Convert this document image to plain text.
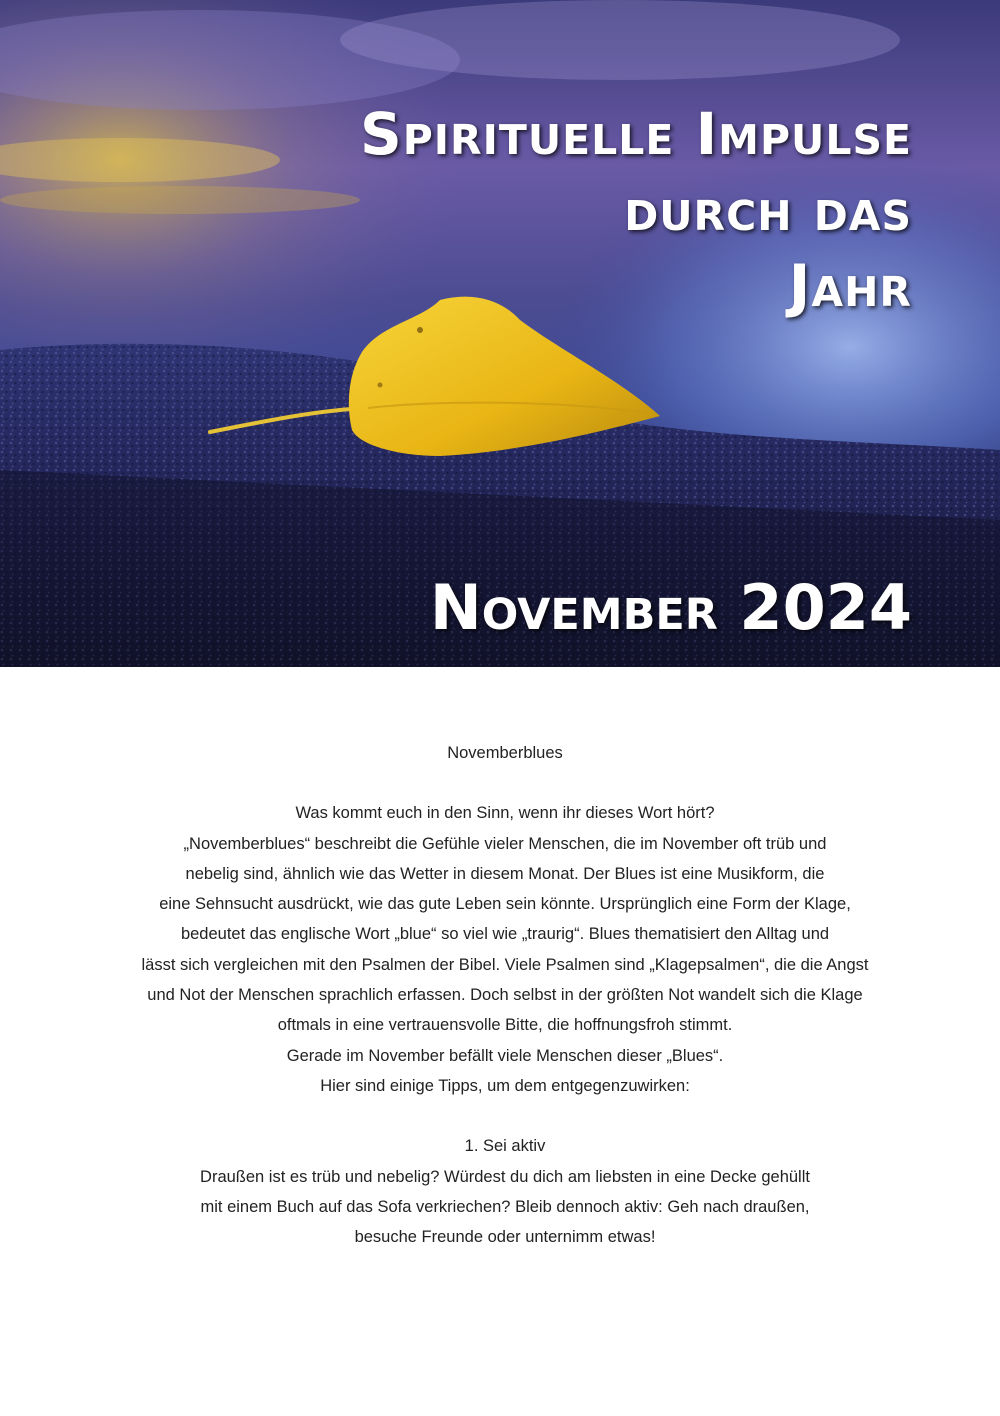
Spirituelle Impulse
durch das
Jahr
November 2024

Novemberblues

Was kommt euch in den Sinn, wenn ihr dieses Wort hört?

„Novemberblues“ beschreibt die Gefühle vieler Menschen, die im November oft trüb und

nebelig sind, ähnlich wie das Wetter in diesem Monat. Der Blues ist eine Musikform, die

eine Sehnsucht ausdrückt, wie das gute Leben sein könnte. Ursprünglich eine Form der Klage,

bedeutet das englische Wort „blue“ so viel wie „traurig“. Blues thematisiert den Alltag und

lässt sich vergleichen mit den Psalmen der Bibel. Viele Psalmen sind „Klagepsalmen“, die die Angst

und Not der Menschen sprachlich erfassen. Doch selbst in der größten Not wandelt sich die Klage

oftmals in eine vertrauensvolle Bitte, die hoffnungsfroh stimmt.

Gerade im November befällt viele Menschen dieser „Blues“.

Hier sind einige Tipps, um dem entgegenzuwirken:

1. Sei aktiv

Draußen ist es trüb und nebelig? Würdest du dich am liebsten in eine Decke gehüllt

mit einem Buch auf das Sofa verkriechen? Bleib dennoch aktiv: Geh nach draußen,

besuche Freunde oder unternimm etwas!
